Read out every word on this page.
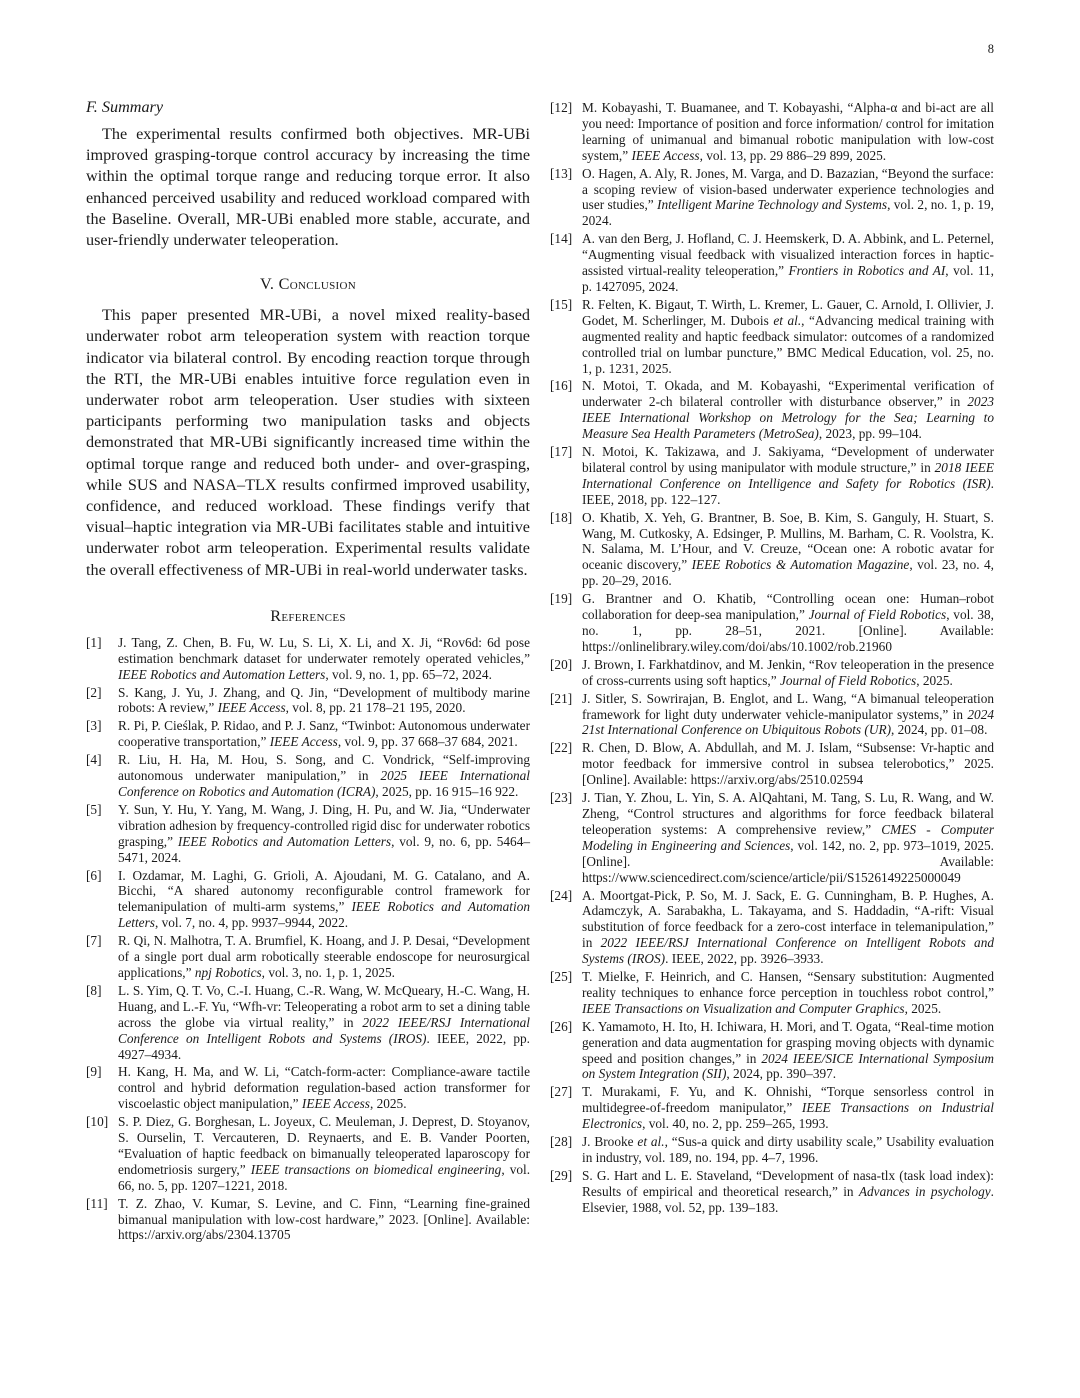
8
F. Summary

The experimental results confirmed both objectives. MR-UBi improved grasping-torque control accuracy by increasing the time within the optimal torque range and reducing torque error. It also enhanced perceived usability and reduced workload compared with the Baseline. Overall, MR-UBi enabled more stable, accurate, and user-friendly underwater teleoperation.

V. Conclusion

This paper presented MR-UBi, a novel mixed reality-based underwater robot arm teleoperation system with reaction torque indicator via bilateral control. By encoding reaction torque through the RTI, the MR-UBi enables intuitive force regulation even in underwater robot arm teleoperation. User studies with sixteen participants performing two manipulation tasks and objects demonstrated that MR-UBi significantly increased time within the optimal torque range and reduced both under- and over-grasping, while SUS and NASA–TLX results confirmed improved usability, confidence, and reduced workload. These findings verify that visual–haptic integration via MR-UBi facilitates stable and intuitive underwater robot arm teleoperation. Experimental results validate the overall effectiveness of MR-UBi in real-world underwater tasks.

References
[1]	J. Tang, Z. Chen, B. Fu, W. Lu, S. Li, X. Li, and X. Ji, “Rov6d: 6d pose estimation benchmark dataset for underwater remotely operated vehicles,” IEEE Robotics and Automation Letters, vol. 9, no. 1, pp. 65–72, 2024.
[2]	S. Kang, J. Yu, J. Zhang, and Q. Jin, “Development of multibody marine robots: A review,” IEEE Access, vol. 8, pp. 21 178–21 195, 2020.
[3]	R. Pi, P. Cieślak, P. Ridao, and P. J. Sanz, “Twinbot: Autonomous underwater cooperative transportation,” IEEE Access, vol. 9, pp. 37 668–37 684, 2021.
[4]	R. Liu, H. Ha, M. Hou, S. Song, and C. Vondrick, “Self-improving autonomous underwater manipulation,” in 2025 IEEE International Conference on Robotics and Automation (ICRA), 2025, pp. 16 915–16 922.
[5]	Y. Sun, Y. Hu, Y. Yang, M. Wang, J. Ding, H. Pu, and W. Jia, “Underwater vibration adhesion by frequency-controlled rigid disc for underwater robotics grasping,” IEEE Robotics and Automation Letters, vol. 9, no. 6, pp. 5464–5471, 2024.
[6]	I. Ozdamar, M. Laghi, G. Grioli, A. Ajoudani, M. G. Catalano, and A. Bicchi, “A shared autonomy reconfigurable control framework for telemanipulation of multi-arm systems,” IEEE Robotics and Automation Letters, vol. 7, no. 4, pp. 9937–9944, 2022.
[7]	R. Qi, N. Malhotra, T. A. Brumfiel, K. Hoang, and J. P. Desai, “Development of a single port dual arm robotically steerable endoscope for neurosurgical applications,” npj Robotics, vol. 3, no. 1, p. 1, 2025.
[8]	L. S. Yim, Q. T. Vo, C.-I. Huang, C.-R. Wang, W. McQueary, H.-C. Wang, H. Huang, and L.-F. Yu, “Wfh-vr: Teleoperating a robot arm to set a dining table across the globe via virtual reality,” in 2022 IEEE/RSJ International Conference on Intelligent Robots and Systems (IROS). IEEE, 2022, pp. 4927–4934.
[9]	H. Kang, H. Ma, and W. Li, “Catch-form-acter: Compliance-aware tactile control and hybrid deformation regulation-based action transformer for viscoelastic object manipulation,” IEEE Access, 2025.
[10] S. P. Diez, G. Borghesan, L. Joyeux, C. Meuleman, J. Deprest, D. Stoyanov, S. Ourselin, T. Vercauteren, D. Reynaerts, and E. B. Vander Poorten, “Evaluation of haptic feedback on bimanually teleoperated laparoscopy for endometriosis surgery,” IEEE transactions on biomedical engineering, vol. 66, no. 5, pp. 1207–1221, 2018.
[11] T. Z. Zhao, V. Kumar, S. Levine, and C. Finn, “Learning fine-grained bimanual manipulation with low-cost hardware,” 2023. [Online]. Available: https://arxiv.org/abs/2304.13705
[12] M. Kobayashi, T. Buamanee, and T. Kobayashi, “Alpha-α and bi-act are all you need: Importance of position and force information/ control for imitation learning of unimanual and bimanual robotic manipulation with low-cost system,” IEEE Access, vol. 13, pp. 29 886–29 899, 2025.
[13] O. Hagen, A. Aly, R. Jones, M. Varga, and D. Bazazian, “Beyond the surface: a scoping review of vision-based underwater experience technologies and user studies,” Intelligent Marine Technology and Systems, vol. 2, no. 1, p. 19, 2024.
[14] A. van den Berg, J. Hofland, C. J. Heemskerk, D. A. Abbink, and L. Peternel, “Augmenting visual feedback with visualized interaction forces in haptic-assisted virtual-reality teleoperation,” Frontiers in Robotics and AI, vol. 11, p. 1427095, 2024.
[15] R. Felten, K. Bigaut, T. Wirth, L. Kremer, L. Gauer, C. Arnold, I. Ollivier, J. Godet, M. Scherlinger, M. Dubois et al., “Advancing medical training with augmented reality and haptic feedback simulator: outcomes of a randomized controlled trial on lumbar puncture,” BMC Medical Education, vol. 25, no. 1, p. 1231, 2025.
[16] N. Motoi, T. Okada, and M. Kobayashi, “Experimental verification of underwater 2-ch bilateral controller with disturbance observer,” in 2023 IEEE International Workshop on Metrology for the Sea; Learning to Measure Sea Health Parameters (MetroSea), 2023, pp. 99–104.
[17] N. Motoi, K. Takizawa, and J. Sakiyama, “Development of underwater bilateral control by using manipulator with module structure,” in 2018 IEEE International Conference on Intelligence and Safety for Robotics (ISR). IEEE, 2018, pp. 122–127.
[18] O. Khatib, X. Yeh, G. Brantner, B. Soe, B. Kim, S. Ganguly, H. Stuart, S. Wang, M. Cutkosky, A. Edsinger, P. Mullins, M. Barham, C. R. Voolstra, K. N. Salama, M. L’Hour, and V. Creuze, “Ocean one: A robotic avatar for oceanic discovery,” IEEE Robotics & Automation Magazine, vol. 23, no. 4, pp. 20–29, 2016.
[19] G. Brantner and O. Khatib, “Controlling ocean one: Human–robot collaboration for deep-sea manipulation,” Journal of Field Robotics, vol. 38, no. 1, pp. 28–51, 2021. [Online]. Available: https://onlinelibrary.wiley.com/doi/abs/10.1002/rob.21960
[20] J. Brown, I. Farkhatdinov, and M. Jenkin, “Rov teleoperation in the presence of cross-currents using soft haptics,” Journal of Field Robotics, 2025.
[21] J. Sitler, S. Sowrirajan, B. Englot, and L. Wang, “A bimanual teleoperation framework for light duty underwater vehicle-manipulator systems,” in 2024 21st International Conference on Ubiquitous Robots (UR), 2024, pp. 01–08.
[22] R. Chen, D. Blow, A. Abdullah, and M. J. Islam, “Subsense: Vr-haptic and motor feedback for immersive control in subsea telerobotics,” 2025. [Online]. Available: https://arxiv.org/abs/2510.02594
[23] J. Tian, Y. Zhou, L. Yin, S. A. AlQahtani, M. Tang, S. Lu, R. Wang, and W. Zheng, “Control structures and algorithms for force feedback bilateral teleoperation systems: A comprehensive review,” CMES - Computer Modeling in Engineering and Sciences, vol. 142, no. 2, pp. 973–1019, 2025. [Online]. Available: https://www.sciencedirect.com/science/article/pii/S1526149225000049
[24] A. Moortgat-Pick, P. So, M. J. Sack, E. G. Cunningham, B. P. Hughes, A. Adamczyk, A. Sarabakha, L. Takayama, and S. Haddadin, “A-rift: Visual substitution of force feedback for a zero-cost interface in telemanipulation,” in 2022 IEEE/RSJ International Conference on Intelligent Robots and Systems (IROS). IEEE, 2022, pp. 3926–3933.
[25] T. Mielke, F. Heinrich, and C. Hansen, “Sensary substitution: Augmented reality techniques to enhance force perception in touchless robot control,” IEEE Transactions on Visualization and Computer Graphics, 2025.
[26] K. Yamamoto, H. Ito, H. Ichiwara, H. Mori, and T. Ogata, “Real-time motion generation and data augmentation for grasping moving objects with dynamic speed and position changes,” in 2024 IEEE/SICE International Symposium on System Integration (SII), 2024, pp. 390–397.
[27] T. Murakami, F. Yu, and K. Ohnishi, “Torque sensorless control in multidegree-of-freedom manipulator,” IEEE Transactions on Industrial Electronics, vol. 40, no. 2, pp. 259–265, 1993.
[28] J. Brooke et al., “Sus-a quick and dirty usability scale,” Usability evaluation in industry, vol. 189, no. 194, pp. 4–7, 1996.
[29] S. G. Hart and L. E. Staveland, “Development of nasa-tlx (task load index): Results of empirical and theoretical research,” in Advances in psychology. Elsevier, 1988, vol. 52, pp. 139–183.
